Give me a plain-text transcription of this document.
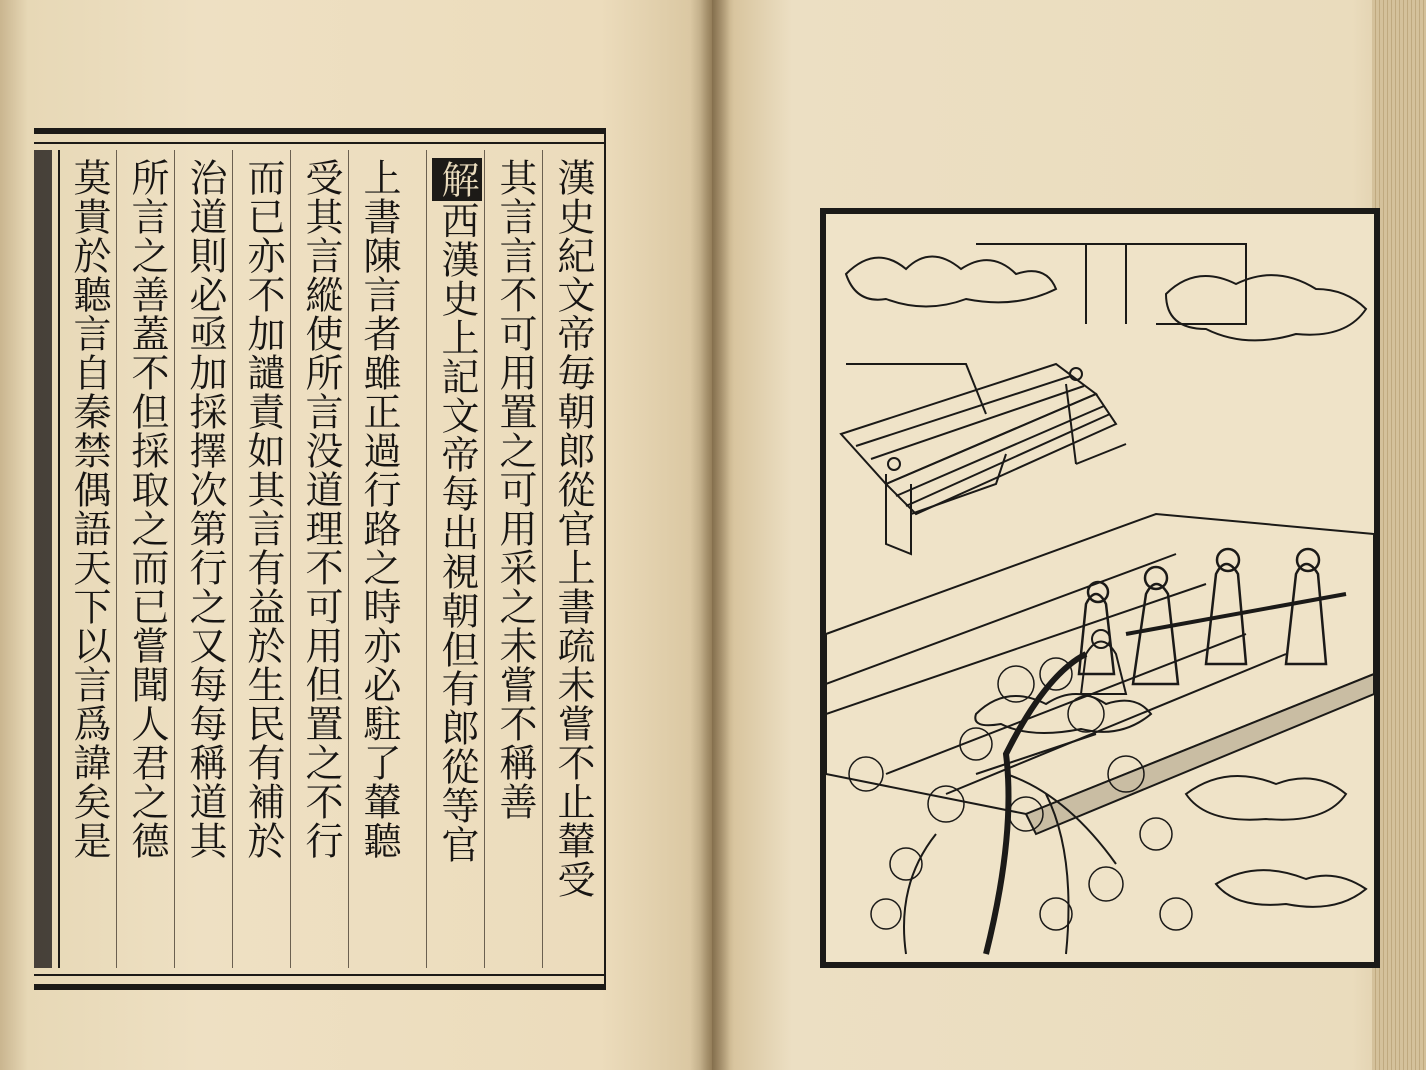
漢史紀文帝毎朝郎從官上書疏未嘗不止輦受
其言言不可用置之可用采之未嘗不稱善
解西漢史上記文帝每出視朝但有郎從等官
上書陳言者雖正過行路之時亦必駐了輦聽
受其言縱使所言没道理不可用但置之不行
而已亦不加譴責如其言有益於生民有補於
治道則必亟加採擇次第行之又每每稱道其
所言之善蓋不但採取之而已嘗聞人君之德
莫貴於聽言自秦禁偶語天下以言爲諱矣是
